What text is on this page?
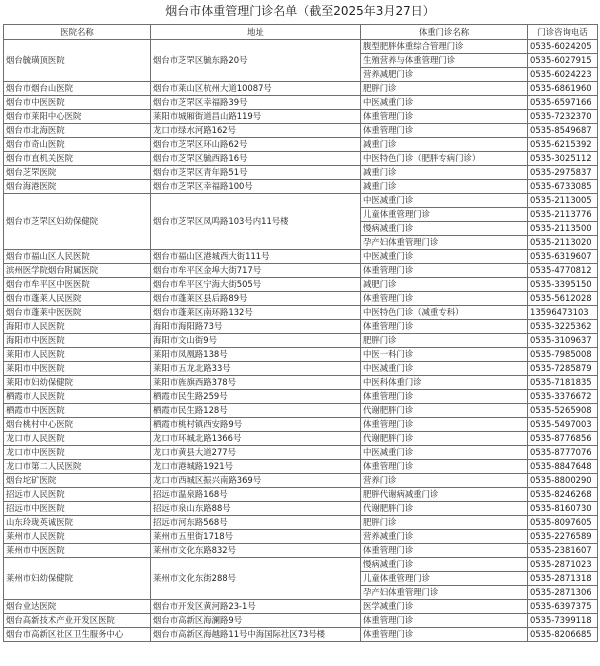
烟台市体重管理门诊名单（截至2025年3月27日）
医院名称	地址	体重门诊名称	门诊咨询电话
烟台毓璜顶医院	烟台市芝罘区毓东路20号	腹型肥胖体重综合管理门诊	0535-6024205
		生殖营养与体重管理门诊	0535-6027915
		营养减肥门诊	0535-6024223
烟台市烟台山医院	烟台市莱山区杭州大道10087号	肥胖门诊	0535-6861960
烟台市中医医院	烟台市芝罘区幸福路39号	中医减重门诊	0535-6597166
烟台市莱阳中心医院	莱阳市城厢街道昌山路119号	体重管理门诊	0535-7232370
烟台市北海医院	龙口市绿水河路162号	体重管理门诊	0535-8549687
烟台市奇山医院	烟台市芝罘区环山路62号	减重门诊	0535-6215392
烟台市直机关医院	烟台市芝罘区毓西路16号	中医特色门诊（肥胖专病门诊）	0535-3025112
烟台芝罘医院	烟台市芝罘区青年路51号	减重门诊	0535-2975837
烟台海港医院	烟台市芝罘区幸福路100号	减重门诊	0535-6733085
烟台市芝罘区妇幼保健院	烟台市芝罘区凤鸣路103号内11号楼	中医减重门诊	0535-2113005
		儿童体重管理门诊	0535-2113776
		慢病减重门诊	0535-2113500
		孕产妇体重管理门诊	0535-2113020
烟台市福山区人民医院	烟台市福山区港城西大街111号	中医减重门诊	0535-6319607
滨州医学院烟台附属医院	烟台市牟平区金埠大街717号	体重管理门诊	0535-4770812
烟台市牟平区中医医院	烟台市牟平区宁海大街505号	减肥门诊	0535-3395150
烟台市蓬莱人民医院	烟台市蓬莱区县后路89号	体重管理门诊	0535-5612028
烟台市蓬莱中医医院	烟台市蓬莱区南环路132号	中医特色门诊（减重专科）	13596473103
海阳市人民医院	海阳市海阳路73号	体重管理门诊	0535-3225362
海阳市中医医院	海阳市文山街9号	肥胖门诊	0535-3109637
莱阳市人民医院	莱阳市凤凰路138号	中医一科门诊	0535-7985008
莱阳市中医医院	莱阳市五龙北路33号	中医减重门诊	0535-7285879
莱阳市妇幼保健院	莱阳市旌旗西路378号	中医科体重门诊	0535-7181835
栖霞市人民医院	栖霞市民生路259号	体重管理门诊	0535-3376672
栖霞市中医医院	栖霞市民生路128号	代谢肥胖门诊	0535-5265908
烟台桃村中心医院	栖霞市桃村镇西安路9号	体重管理门诊	0535-5497003
龙口市人民医院	龙口市环城北路1366号	代谢肥胖门诊	0535-8776856
龙口市中医医院	龙口市黄县大道277号	中医减重门诊	0535-8777076
龙口市第二人民医院	龙口市港城路1921号	体重管理门诊	0535-8847648
烟台坨矿医院	龙口市西城区振兴南路369号	营养门诊	0535-8800290
招远市人民医院	招远市温泉路168号	肥胖代谢病减重门诊	0535-8246268
招远市中医医院	招远市泉山东路88号	代谢肥胖门诊	0535-8160730
山东玲珑英诚医院	招远市河东路568号	肥胖门诊	0535-8097605
莱州市人民医院	莱州市五里街1718号	营养减重门诊	0535-2276589
莱州市中医医院	莱州市文化东路832号	体重管理门诊	0535-2381607
莱州市妇幼保健院	莱州市文化东街288号	慢病减重门诊	0535-2871023
		儿童体重管理门诊	0535-2871318
		孕产妇体重管理门诊	0535-2871306
烟台业达医院	烟台市开发区黄河路23-1号	医学减重门诊	0535-6397375
烟台高新技术产业开发区医院	烟台市高新区海澜路9号	体重管理门诊	0535-7399118
烟台市高新区社区卫生服务中心	烟台市高新区海越路11号中海国际社区73号楼	体重管理门诊	0535-8206685
